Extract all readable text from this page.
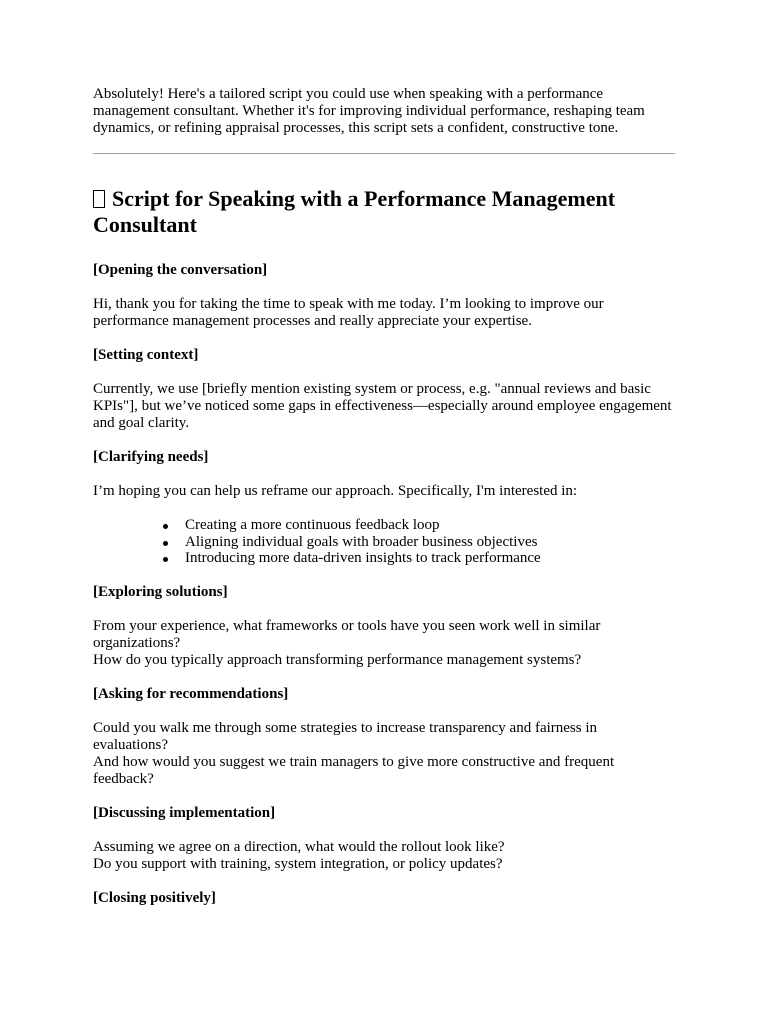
Absolutely! Here's a tailored script you could use when speaking with a performance management consultant. Whether it's for improving individual performance, reshaping team dynamics, or refining appraisal processes, this script sets a confident, constructive tone.

Script for Speaking with a Performance Management Consultant

[Opening the conversation]

Hi, thank you for taking the time to speak with me today. I’m looking to improve our performance management processes and really appreciate your expertise.

[Setting context]

Currently, we use [briefly mention existing system or process, e.g. "annual reviews and basic KPIs"], but we’ve noticed some gaps in effectiveness—especially around employee engagement and goal clarity.

[Clarifying needs]

I’m hoping you can help us reframe our approach. Specifically, I'm interested in:

Creating a more continuous feedback loop
Aligning individual goals with broader business objectives
Introducing more data-driven insights to track performance

[Exploring solutions]

From your experience, what frameworks or tools have you seen work well in similar organizations?

How do you typically approach transforming performance management systems?

[Asking for recommendations]

Could you walk me through some strategies to increase transparency and fairness in evaluations?

And how would you suggest we train managers to give more constructive and frequent feedback?

[Discussing implementation]

Assuming we agree on a direction, what would the rollout look like?

Do you support with training, system integration, or policy updates?

[Closing positively]
